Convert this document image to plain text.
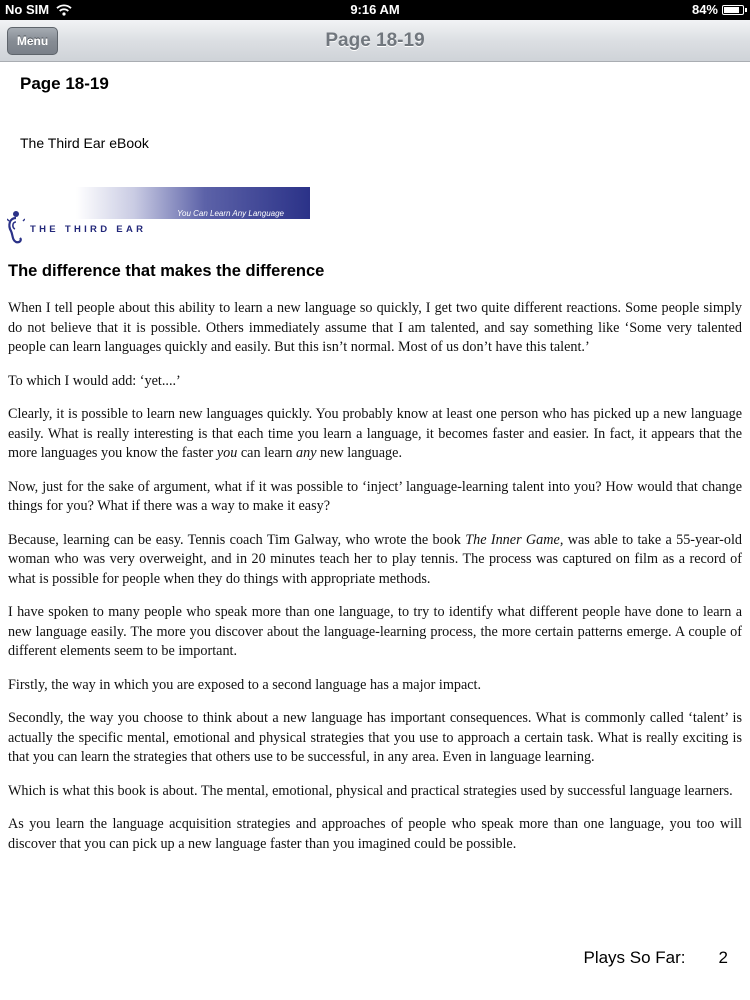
No SIM	9:16 AM	84%
Menu	Page 18-19
Page 18-19
The Third Ear eBook
You Can Learn Any Language
THE THIRD EAR
The difference that makes the difference

When I tell people about this ability to learn a new language so quickly, I get two quite different reactions. Some people simply do not believe that it is possible. Others immediately assume that I am talented, and say something like ‘Some very talented people can learn languages quickly and easily. But this isn’t normal. Most of us don’t have this talent.’

To which I would add: ‘yet....’

Clearly, it is possible to learn new languages quickly. You probably know at least one person who has picked up a new language easily. What is really interesting is that each time you learn a language, it becomes faster and easier. In fact, it appears that the more languages you know the faster you can learn any new language.

Now, just for the sake of argument, what if it was possible to ‘inject’ language-learning talent into you? How would that change things for you? What if there was a way to make it easy?

Because, learning can be easy. Tennis coach Tim Galway, who wrote the book The Inner Game, was able to take a 55-year-old woman who was very overweight, and in 20 minutes teach her to play tennis. The process was captured on film as a record of what is possible for people when they do things with appropriate methods.

I have spoken to many people who speak more than one language, to try to identify what different people have done to learn a new language easily. The more you discover about the language-learning process, the more certain patterns emerge. A couple of different elements seem to be important.

Firstly, the way in which you are exposed to a second language has a major impact.

Secondly, the way you choose to think about a new language has important consequences. What is commonly called ‘talent’ is actually the specific mental, emotional and physical strategies that you use to approach a certain task. What is really exciting is that you can learn the strategies that others use to be successful, in any area. Even in language learning.

Which is what this book is about. The mental, emotional, physical and practical strategies used by successful language learners.

As you learn the language acquisition strategies and approaches of people who speak more than one language, you too will discover that you can pick up a new language faster than you imagined could be possible.

Plays So Far: 2
